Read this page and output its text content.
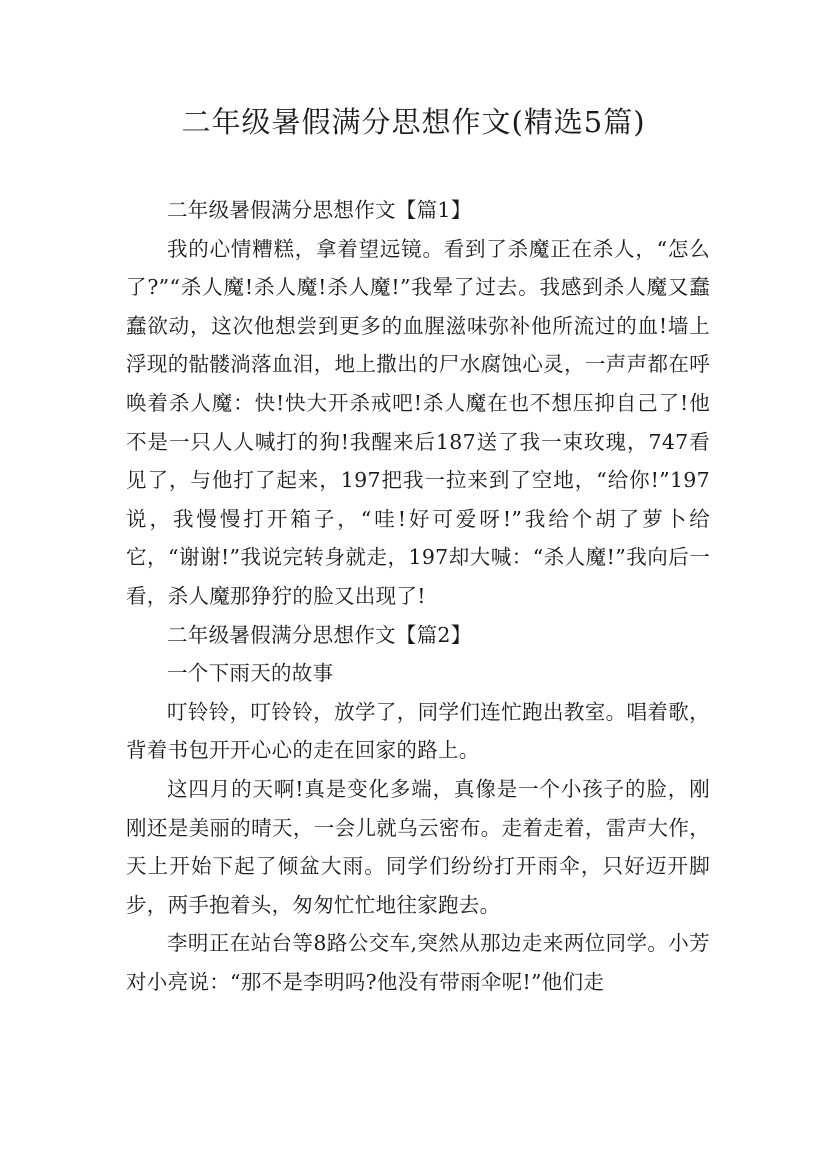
二年级暑假满分思想作文(精选5篇)

二年级暑假满分思想作文【篇1】

我的心情糟糕，拿着望远镜。看到了杀魔正在杀人，“怎么了?”“杀人魔!杀人魔!杀人魔!”我晕了过去。我感到杀人魔又蠢蠢欲动，这次他想尝到更多的血腥滋味弥补他所流过的血!墙上浮现的骷髅淌落血泪，地上撒出的尸水腐蚀心灵，一声声都在呼唤着杀人魔：快!快大开杀戒吧!杀人魔在也不想压抑自己了!他不是一只人人喊打的狗!我醒来后187送了我一束玫瑰，747看见了，与他打了起来，197把我一拉来到了空地，“给你!”197说，我慢慢打开箱子，“哇!好可爱呀!”我给个胡了萝卜给它，“谢谢!”我说完转身就走，197却大喊：“杀人魔!”我向后一看，杀人魔那狰狞的脸又出现了!

二年级暑假满分思想作文【篇2】

一个下雨天的故事

叮铃铃，叮铃铃，放学了，同学们连忙跑出教室。唱着歌，背着书包开开心心的走在回家的路上。

这四月的天啊!真是变化多端，真像是一个小孩子的脸，刚刚还是美丽的晴天，一会儿就乌云密布。走着走着，雷声大作，天上开始下起了倾盆大雨。同学们纷纷打开雨伞，只好迈开脚步，两手抱着头，匆匆忙忙地往家跑去。

李明正在站台等8路公交车,突然从那边走来两位同学。小芳对小亮说：“那不是李明吗?他没有带雨伞呢!”他们走
